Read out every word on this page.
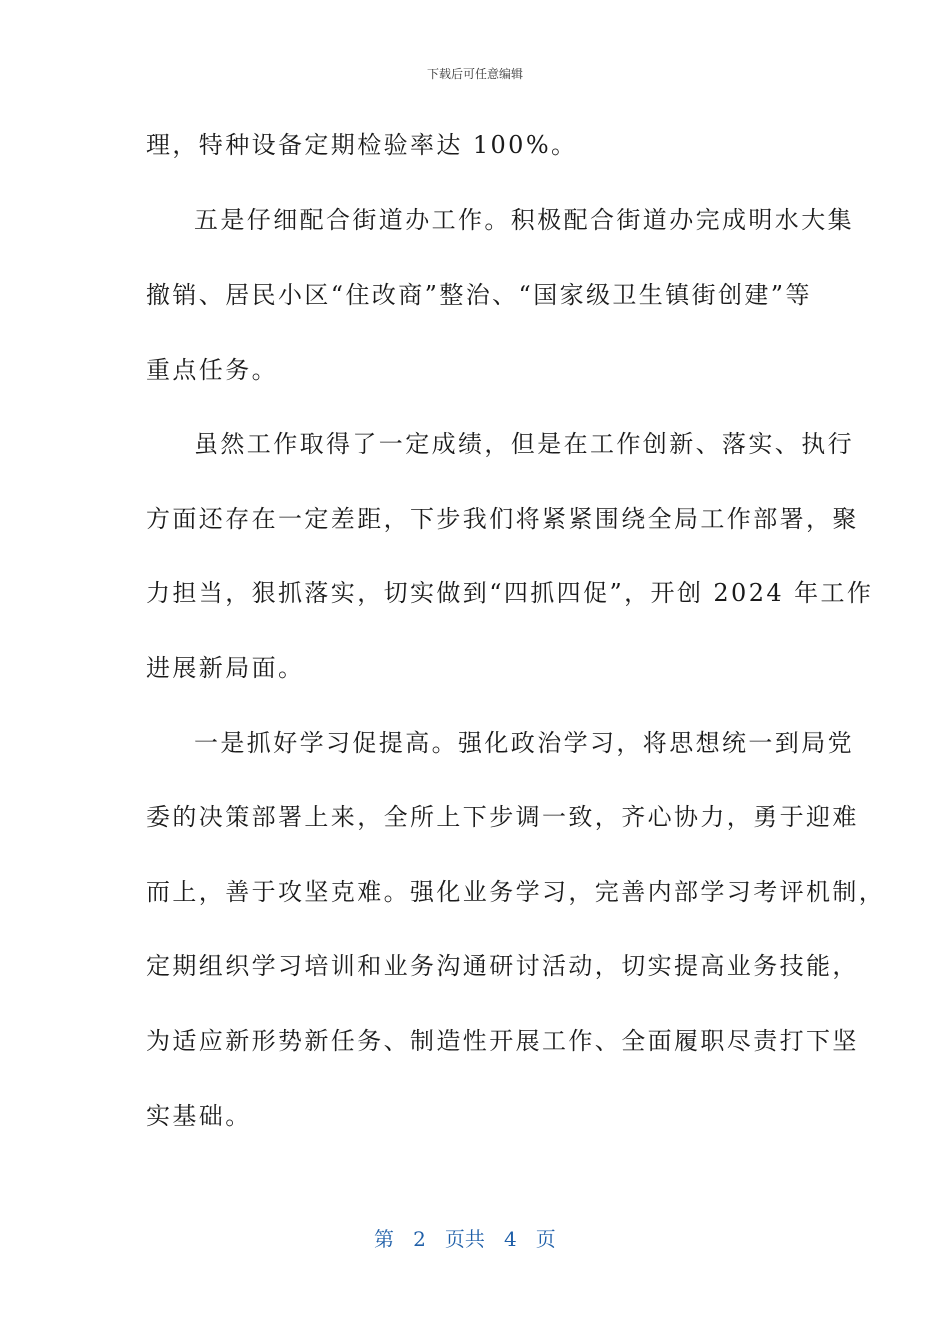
下载后可任意编辑
理，特种设备定期检验率达 100%。
五是仔细配合街道办工作。积极配合街道办完成明水大集
撤销、居民小区“住改商”整治、“国家级卫生镇街创建”等
重点任务。
虽然工作取得了一定成绩，但是在工作创新、落实、执行
方面还存在一定差距，下步我们将紧紧围绕全局工作部署，聚
力担当，狠抓落实，切实做到“四抓四促”，开创 2024 年工作
进展新局面。
一是抓好学习促提高。强化政治学习，将思想统一到局党
委的决策部署上来，全所上下步调一致，齐心协力，勇于迎难
而上，善于攻坚克难。强化业务学习，完善内部学习考评机制，
定期组织学习培训和业务沟通研讨活动，切实提高业务技能，
为适应新形势新任务、制造性开展工作、全面履职尽责打下坚
实基础。
第 2 页共 4 页
